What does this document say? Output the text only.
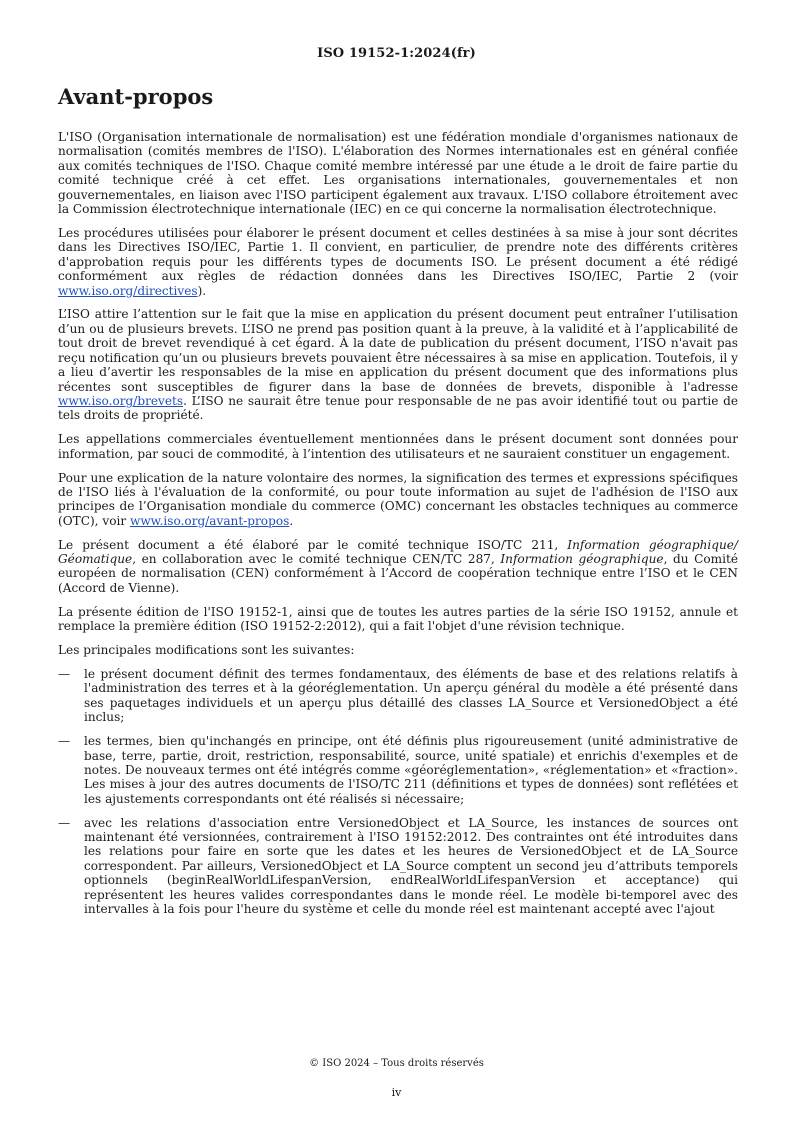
ISO 19152-1:2024(fr)
Avant-propos

L'ISO (Organisation internationale de normalisation) est une fédération mondiale d'organismes nationaux de normalisation (comités membres de l'ISO). L'élaboration des Normes internationales est en général confiée aux comités techniques de l'ISO. Chaque comité membre intéressé par une étude a le droit de faire partie du comité technique créé à cet effet. Les organisations internationales, gouvernementales et non gouvernementales, en liaison avec l'ISO participent également aux travaux. L'ISO collabore étroitement avec la Commission électrotechnique internationale (IEC) en ce qui concerne la normalisation électrotechnique.

Les procédures utilisées pour élaborer le présent document et celles destinées à sa mise à jour sont décrites dans les Directives ISO/IEC, Partie 1. Il convient, en particulier, de prendre note des différents critères d'approbation requis pour les différents types de documents ISO. Le présent document a été rédigé conformément aux règles de rédaction données dans les Directives ISO/IEC, Partie 2 (voir www.iso.org/directives).

L’ISO attire l’attention sur le fait que la mise en application du présent document peut entraîner l’utilisation d’un ou de plusieurs brevets. L’ISO ne prend pas position quant à la preuve, à la validité et à l’applicabilité de tout droit de brevet revendiqué à cet égard. À la date de publication du présent document, l’ISO n'avait pas reçu notification qu’un ou plusieurs brevets pouvaient être nécessaires à sa mise en application. Toutefois, il y a lieu d’avertir les responsables de la mise en application du présent document que des informations plus récentes sont susceptibles de figurer dans la base de données de brevets, disponible à l'adresse www.iso.org/brevets. L’ISO ne saurait être tenue pour responsable de ne pas avoir identifié tout ou partie de tels droits de propriété.

Les appellations commerciales éventuellement mentionnées dans le présent document sont données pour information, par souci de commodité, à l’intention des utilisateurs et ne sauraient constituer un engagement.

Pour une explication de la nature volontaire des normes, la signification des termes et expressions spécifiques de l'ISO liés à l'évaluation de la conformité, ou pour toute information au sujet de l'adhésion de l'ISO aux principes de l’Organisation mondiale du commerce (OMC) concernant les obstacles techniques au commerce (OTC), voir www.iso.org/avant-propos.

Le présent document a été élaboré par le comité technique ISO/TC 211, Information géographique/ Géomatique, en collaboration avec le comité technique CEN/TC 287, Information géographique, du Comité européen de normalisation (CEN) conformément à l’Accord de coopération technique entre l’ISO et le CEN (Accord de Vienne).

La présente édition de l'ISO 19152-1, ainsi que de toutes les autres parties de la série ISO 19152, annule et remplace la première édition (ISO 19152-2:2012), qui a fait l'objet d'une révision technique.

Les principales modifications sont les suivantes:

— le présent document définit des termes fondamentaux, des éléments de base et des relations relatifs à l'administration des terres et à la géoréglementation. Un aperçu général du modèle a été présenté dans ses paquetages individuels et un aperçu plus détaillé des classes LA_Source et VersionedObject a été inclus;
— les termes, bien qu'inchangés en principe, ont été définis plus rigoureusement (unité administrative de base, terre, partie, droit, restriction, responsabilité, source, unité spatiale) et enrichis d'exemples et de notes. De nouveaux termes ont été intégrés comme «géoréglementation», «réglementation» et «fraction». Les mises à jour des autres documents de l'ISO/TC 211 (définitions et types de données) sont reflétées et les ajustements correspondants ont été réalisés si nécessaire;
— avec les relations d'association entre VersionedObject et LA_Source, les instances de sources ont maintenant été versionnées, contrairement à l'ISO 19152:2012. Des contraintes ont été introduites dans les relations pour faire en sorte que les dates et les heures de VersionedObject et de LA_Source correspondent. Par ailleurs, VersionedObject et LA_Source comptent un second jeu d’attributs temporels optionnels (beginRealWorldLifespanVersion, endRealWorldLifespanVersion et acceptance) qui représentent les heures valides correspondantes dans le monde réel. Le modèle bi-temporel avec des intervalles à la fois pour l'heure du système et celle du monde réel est maintenant accepté avec l'ajout
© ISO 2024 – Tous droits réservés
iv
